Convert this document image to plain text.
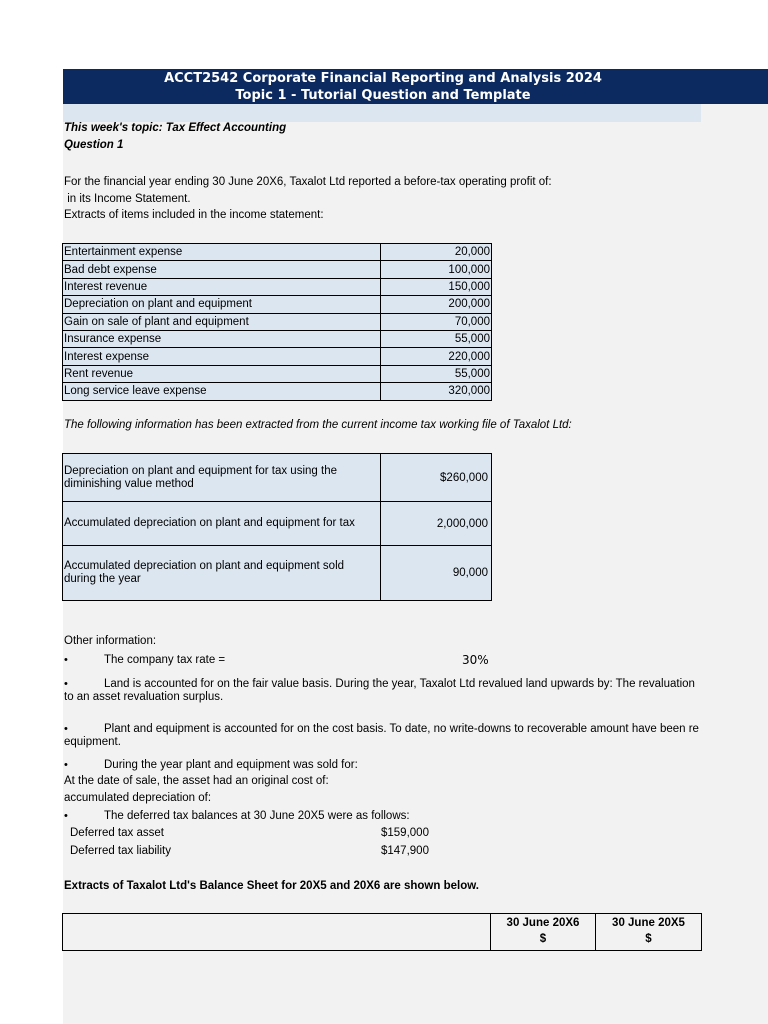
ACCT2542 Corporate Financial Reporting and Analysis 2024
Topic 1 - Tutorial Question and Template
This week's topic: Tax Effect Accounting
Question 1
For the financial year ending 30 June 20X6, Taxalot Ltd reported a before-tax operating profit of:
in its Income Statement.
Extracts of items included in the income statement:
Entertainment expense	20,000
Bad debt expense	100,000
Interest revenue	150,000
Depreciation on plant and equipment	200,000
Gain on sale of plant and equipment	70,000
Insurance expense	55,000
Interest expense	220,000
Rent revenue	55,000
Long service leave expense	320,000
The following information has been extracted from the current income tax working file of Taxalot Ltd:
Depreciation on plant and equipment for tax using the diminishing value method	$260,000
Accumulated depreciation on plant and equipment for tax	2,000,000
Accumulated depreciation on plant and equipment sold during the year	90,000
Other information:
•	The company tax rate =	30%
•	Land is accounted for on the fair value basis. During the year, Taxalot Ltd revalued land upwards by: The revaluation
to an asset revaluation surplus.
•	Plant and equipment is accounted for on the cost basis. To date, no write-downs to recoverable amount have been re
equipment.
•	During the year plant and equipment was sold for:
At the date of sale, the asset had an original cost of:
accumulated depreciation of:
•	The deferred tax balances at 30 June 20X5 were as follows:
Deferred tax asset	$159,000
Deferred tax liability	$147,900
Extracts of Taxalot Ltd's Balance Sheet for 20X5 and 20X6 are shown below.

30 June 20X6
$

30 June 20X5
$
